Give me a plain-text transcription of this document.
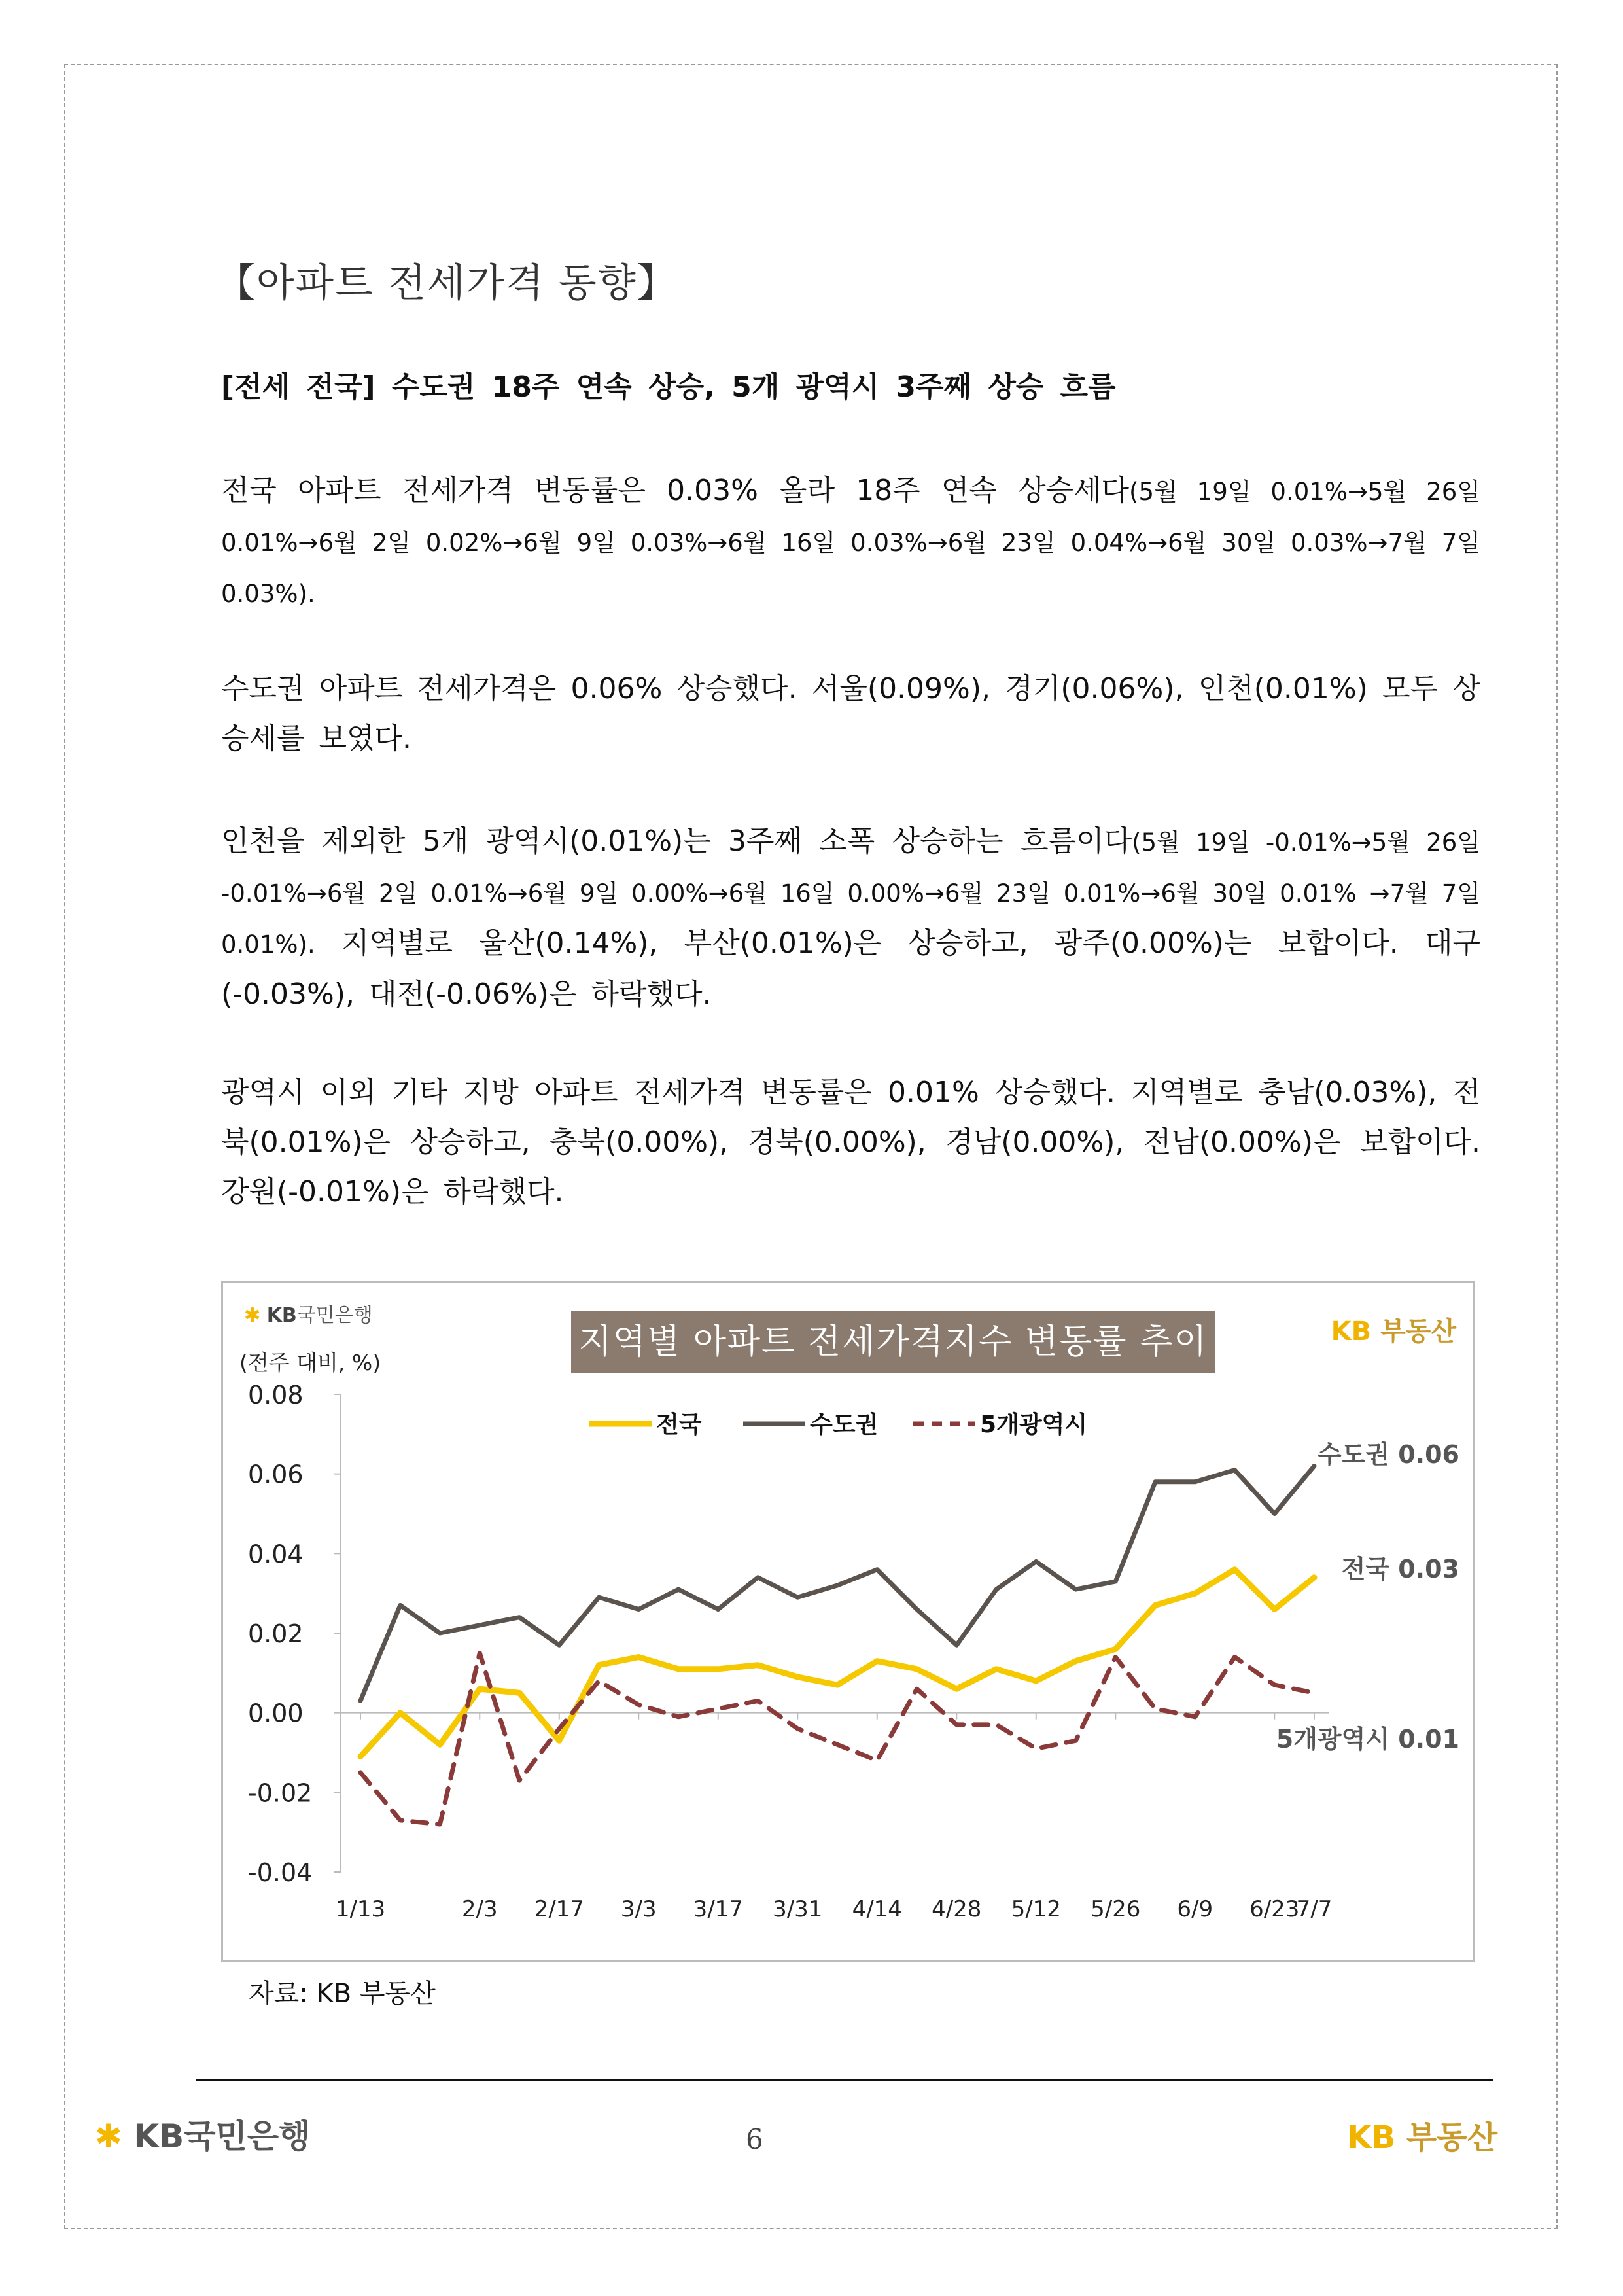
【아파트 전세가격 동향】
[전세 전국] 수도권 18주 연속 상승, 5개 광역시 3주째 상승 흐름
전국 아파트 전세가격 변동률은 0.03% 올라 18주 연속 상승세다(5월 19일 0.01%→5월 26일 0.01%→6월 2일 0.02%→6월 9일 0.03%→6월 16일 0.03%→6월 23일 0.04%→6월 30일 0.03%→7월 7일 0.03%).
수도권 아파트 전세가격은 0.06% 상승했다. 서울(0.09%), 경기(0.06%), 인천(0.01%) 모두 상승세를 보였다.
인천을 제외한 5개 광역시(0.01%)는 3주째 소폭 상승하는 흐름이다(5월 19일 -0.01%→5월 26일 -0.01%→6월 2일 0.01%→6월 9일 0.00%→6월 16일 0.00%→6월 23일 0.01%→6월 30일 0.01% →7월 7일 0.01%). 지역별로 울산(0.14%), 부산(0.01%)은 상승하고, 광주(0.00%)는 보합이다. 대구(-0.03%), 대전(-0.06%)은 하락했다.
광역시 이외 기타 지방 아파트 전세가격 변동률은 0.01% 상승했다. 지역별로 충남(0.03%), 전북(0.01%)은 상승하고, 충북(0.00%), 경북(0.00%), 경남(0.00%), 전남(0.00%)은 보합이다. 강원(-0.01%)은 하락했다.
0.08
0.06
0.04
0.02
0.00
-0.02
-0.04
1/13	2/3 2/17 3/3 3/17 3/31 4/14 4/28 5/12 5/26 6/9 6/23
7/7
전국	수도권	5개광역시
수도권 0.06
전국 0.03
5개광역시 0.01
✱ KB국민은행
(전주 대비, %)
지역별 아파트 전세가격지수 변동률 추이	KB 부동산
자료: KB 부동산
✱ KB국민은행	6	KB 부동산
